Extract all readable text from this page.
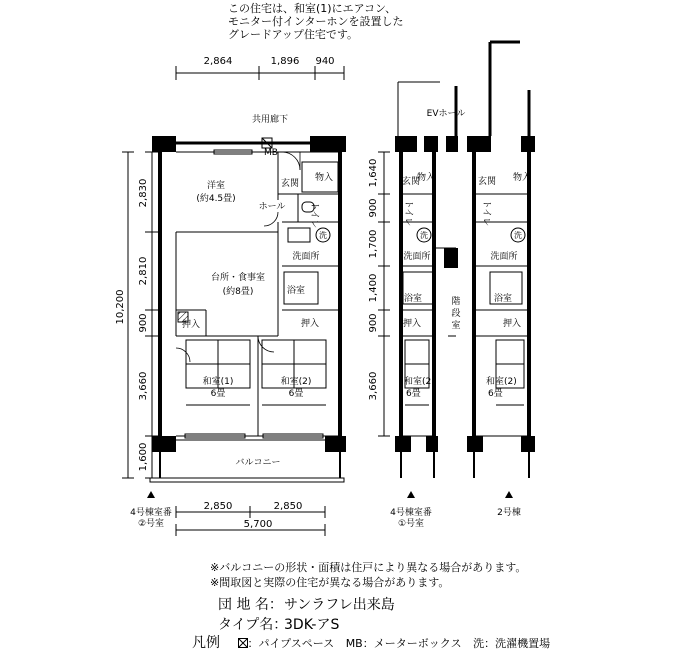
この住宅は、和室(1)にエアコン、
モニター付インターホンを設置した
グレードアップ住宅です。
2,864	1,896 940
共用廊下
EVホール
2,830
2,810
900
3,660
1,600
10,200
洋室
(約4.5畳)
MB
玄関
物入
ホール	トイレ
洗
洗面所
台所・食事室
(約8畳)	浴室
押入	押入
和室(1)
6畳
和室(2)
6畳
バルコニー
2,850	2,850
5,700
1,640
900
1,700
1,400
900
3,660
玄関
物入
トイレ
洗
洗面所
浴室	階
段
室
押入
和室(2)
6畳
玄関 物入
トイレ
洗
洗面所
浴室
押入
和室(2)
6畳
4号棟室番
②号室
4号棟室番
①号室
2号棟
※バルコニーの形状・面積は住戸により異なる場合があります。
※間取図と実際の住宅が異なる場合があります。
団 地 名：サンラフレ出来島
タイプ名：3DK-アS
凡例	：パイプスペース MB：メーターボックス 洗：洗濯機置場
